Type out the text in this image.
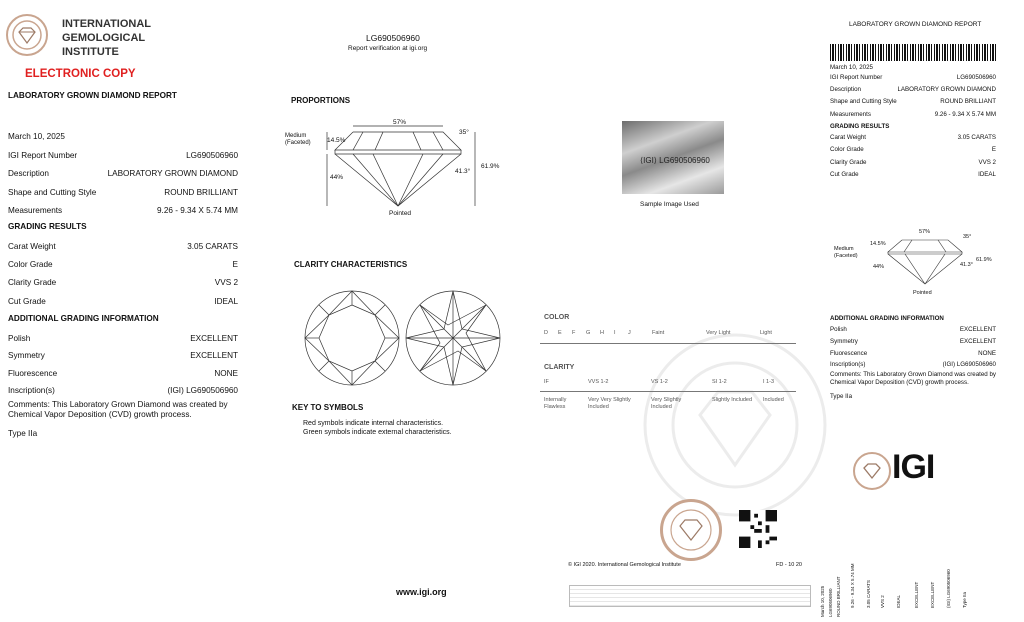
INTERNATIONAL
GEMOLOGICAL
INSTITUTE
ELECTRONIC COPY
LABORATORY GROWN DIAMOND REPORT
March 10, 2025
IGI Report Number	LG690506960
Description	LABORATORY GROWN DIAMOND
Shape and Cutting Style	ROUND BRILLIANT
Measurements	9.26 - 9.34 X 5.74 MM
GRADING RESULTS
Carat Weight	3.05 CARATS
Color Grade	E
Clarity Grade	VVS 2
Cut Grade	IDEAL
ADDITIONAL GRADING INFORMATION
Polish	EXCELLENT
Symmetry	EXCELLENT
Fluorescence	NONE
Inscription(s)	(IGI) LG690506960
Comments: This Laboratory Grown Diamond was created by Chemical Vapor Deposition (CVD) growth process.
Type IIa
LG690506960
Report verification at igi.org
PROPORTIONS
Medium
(Faceted)
57%
14.5%
35°
44%
41.3°
61.9%
Pointed
⟨IGI⟩ LG690506960
Sample Image Used
CLARITY CHARACTERISTICS
KEY TO SYMBOLS
Red symbols indicate internal characteristics.
Green symbols indicate external characteristics.
COLOR
D E F G H I J	Faint	Very Light	Light
CLARITY
IF
Internally Flawless
VVS 1-2
Very Very Slightly Included
VS 1-2
Very Slightly Included
SI 1-2
Slightly Included
I 1-3
Included
© IGI 2020. International Gemological Institute	FD - 10 20
www.igi.org
LABORATORY GROWN DIAMOND REPORT
March 10, 2025
IGI Report Number	LG690506960
Description	LABORATORY GROWN DIAMOND
Shape and Cutting Style	ROUND BRILLIANT
Measurements	9.26 - 9.34 X 5.74 MM
GRADING RESULTS
Carat Weight	3.05 CARATS
Color Grade	E
Clarity Grade	VVS 2
Cut Grade	IDEAL
Medium
(Faceted)
57%
14.5%
35°
44%	41.3°
61.9%
Pointed
ADDITIONAL GRADING INFORMATION
Polish	EXCELLENT
Symmetry	EXCELLENT
Fluorescence	NONE
Inscription(s)	(IGI) LG690506960
Comments: This Laboratory Grown Diamond was created by Chemical Vapor Deposition (CVD) growth process.
Type IIa
IGI
March 10, 2025 LG690506960 ROUND BRILLIANT 9.26 - 9.34 X 5.74 MM 3.05 CARATS VVS 2 IDEAL	EXCELLENT EXCELLENT (IGI) LG690506960 Type IIa
